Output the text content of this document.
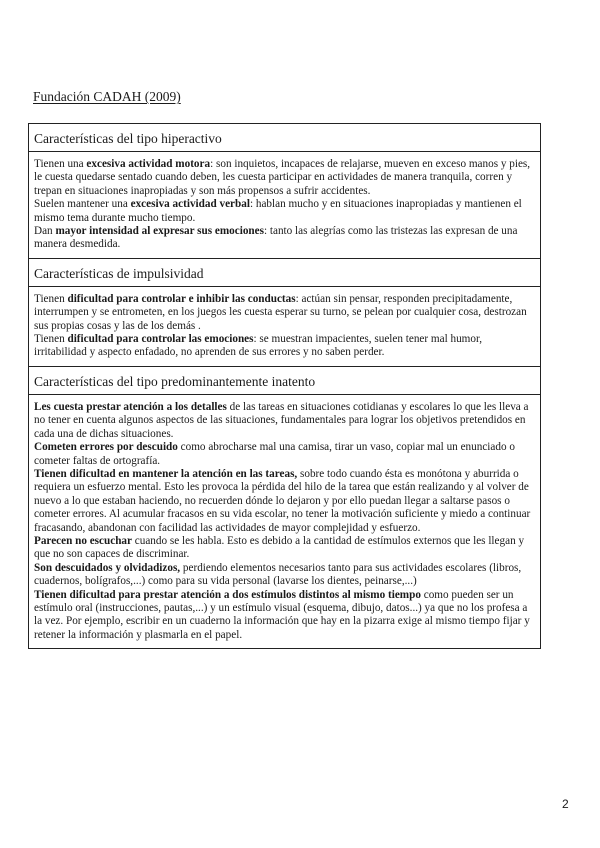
Fundación CADAH (2009)
Características del tipo hiperactivo

Tienen una excesiva actividad motora: son inquietos, incapaces de relajarse, mueven en exceso manos y pies, le cuesta quedarse sentado cuando deben, les cuesta participar en actividades de manera tranquila, corren y trepan en situaciones inapropiadas y son más propensos a sufrir accidentes.

Suelen mantener una excesiva actividad verbal: hablan mucho y en situaciones inapropiadas y mantienen el mismo tema durante mucho tiempo.

Dan mayor intensidad al expresar sus emociones: tanto las alegrías como las tristezas las expresan de una manera desmedida.

Características de impulsividad

Tienen dificultad para controlar e inhibir las conductas: actúan sin pensar, responden precipitadamente, interrumpen y se entrometen, en los juegos les cuesta esperar su turno, se pelean por cualquier cosa, destrozan sus propias cosas y las de los demás .

Tienen dificultad para controlar las emociones: se muestran impacientes, suelen tener mal humor, irritabilidad y aspecto enfadado, no aprenden de sus errores y no saben perder.

Características del tipo predominantemente inatento

Les cuesta prestar atención a los detalles de las tareas en situaciones cotidianas y escolares lo que les lleva a no tener en cuenta algunos aspectos de las situaciones, fundamentales para lograr los objetivos pretendidos en cada una de dichas situaciones.

Cometen errores por descuido como abrocharse mal una camisa, tirar un vaso, copiar mal un enunciado o cometer faltas de ortografía.

Tienen dificultad en mantener la atención en las tareas, sobre todo cuando ésta es monótona y aburrida o requiera un esfuerzo mental. Esto les provoca la pérdida del hilo de la tarea que están realizando y al volver de nuevo a lo que estaban haciendo, no recuerden dónde lo dejaron y por ello puedan llegar a saltarse pasos o cometer errores. Al acumular fracasos en su vida escolar, no tener la motivación suficiente y miedo a continuar fracasando, abandonan con facilidad las actividades de mayor complejidad y esfuerzo.

Parecen no escuchar cuando se les habla. Esto es debido a la cantidad de estímulos externos que les llegan y que no son capaces de discriminar.

Son descuidados y olvidadizos, perdiendo elementos necesarios tanto para sus actividades escolares (libros, cuadernos, bolígrafos,...) como para su vida personal (lavarse los dientes, peinarse,...)

Tienen dificultad para prestar atención a dos estímulos distintos al mismo tiempo como pueden ser un estímulo oral (instrucciones, pautas,...) y un estímulo visual (esquema, dibujo, datos...) ya que no los profesa a la vez. Por ejemplo, escribir en un cuaderno la información que hay en la pizarra exige al mismo tiempo fijar y retener la información y plasmarla en el papel.

2
